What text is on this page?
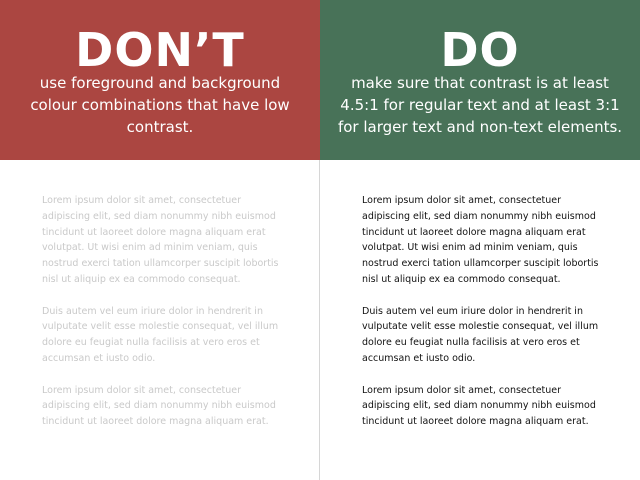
DON’T
use foreground and background colour combinations that have low contrast.

Lorem ipsum dolor sit amet, consectetuer adipiscing elit, sed diam nonummy nibh euismod tincidunt ut laoreet dolore magna aliquam erat volutpat. Ut wisi enim ad minim veniam, quis nostrud exerci tation ullamcorper suscipit lobortis nisl ut aliquip ex ea commodo consequat.

Duis autem vel eum iriure dolor in hendrerit in vulputate velit esse molestie consequat, vel illum dolore eu feugiat nulla facilisis at vero eros et accumsan et iusto odio.

Lorem ipsum dolor sit amet, consectetuer adipiscing elit, sed diam nonummy nibh euismod tincidunt ut laoreet dolore magna aliquam erat.

DO
make sure that contrast is at least 4.5:1 for regular text and at least 3:1 for larger text and non-text elements.

Lorem ipsum dolor sit amet, consectetuer adipiscing elit, sed diam nonummy nibh euismod tincidunt ut laoreet dolore magna aliquam erat volutpat. Ut wisi enim ad minim veniam, quis nostrud exerci tation ullamcorper suscipit lobortis nisl ut aliquip ex ea commodo consequat.

Duis autem vel eum iriure dolor in hendrerit in vulputate velit esse molestie consequat, vel illum dolore eu feugiat nulla facilisis at vero eros et accumsan et iusto odio.

Lorem ipsum dolor sit amet, consectetuer adipiscing elit, sed diam nonummy nibh euismod tincidunt ut laoreet dolore magna aliquam erat.
